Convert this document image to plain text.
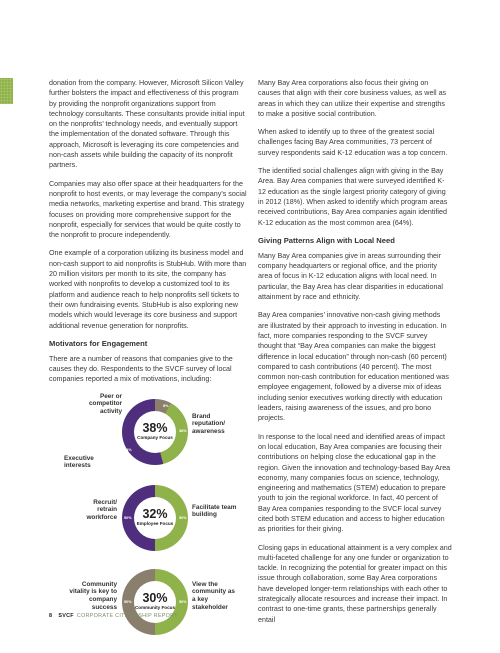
donation from the company. However, Microsoft Silicon Valley further bolsters the impact and effectiveness of this program by providing the nonprofit organizations support from technology consultants. These consultants provide initial input on the nonprofits’ technology needs, and eventually support the implementation of the donated software. Through this approach, Microsoft is leveraging its core competencies and non-cash assets while building the capacity of its nonprofit partners.

Companies may also offer space at their headquarters for the nonprofit to host events, or may leverage the company’s social media networks, marketing expertise and brand. This strategy focuses on providing more comprehensive support for the nonprofit, especially for services that would be quite costly to the nonprofit to procure independently.

One example of a corporation utilizing its business model and non-cash support to aid nonprofits is StubHub. With more than 20 million visitors per month to its site, the company has worked with nonprofits to develop a customized tool to its platform and audience reach to help nonprofits sell tickets to their own fundraising events. StubHub is also exploring new models which would leverage its core business and support additional revenue generation for nonprofits.

Motivators for Engagement

There are a number of reasons that companies give to the causes they do. Respondents to the SVCF survey of local companies reported a mix of motivations, including:

8%
38%
54%
38%
Company Focus
Peer or competitor activity
Brand reputation/ awareness
Executive interests
50%
50% 32%
Employee Focus
Recruit/ retrain workforce
Facilitate team building
50%
50% 30%
Community Focus
Community vitality is key to company success
View the community as a key stakeholder

Many Bay Area corporations also focus their giving on causes that align with their core business values, as well as areas in which they can utilize their expertise and strengths to make a positive social contribution.

When asked to identify up to three of the greatest social challenges facing Bay Area communities, 73 percent of survey respondents said K-12 education was a top concern.

The identified social challenges align with giving in the Bay Area. Bay Area companies that were surveyed identified K-12 education as the single largest priority category of giving in 2012 (18%). When asked to identify which program areas received contributions, Bay Area companies again identified K-12 education as the most common area (64%).

Giving Patterns Align with Local Need

Many Bay Area companies give in areas surrounding their company headquarters or regional office, and the priority area of focus in K-12 education aligns with local need. In particular, the Bay Area has clear disparities in educational attainment by race and ethnicity.

Bay Area companies’ innovative non-cash giving methods are illustrated by their approach to investing in education. In fact, more companies responding to the SVCF survey thought that “Bay Area companies can make the biggest difference in local education” through non-cash (60 percent) compared to cash contributions (40 percent). The most common non-cash contribution for education mentioned was employee engagement, followed by a diverse mix of ideas including senior executives working directly with education leaders, raising awareness of the issues, and pro bono projects.

In response to the local need and identified areas of impact on local education, Bay Area companies are focusing their contributions on helping close the educational gap in the region. Given the innovation and technology-based Bay Area economy, many companies focus on science, technology, engineering and mathematics (STEM) education to prepare youth to join the regional workforce. In fact, 40 percent of Bay Area companies responding to the SVCF local survey cited both STEM education and access to higher education as priorities for their giving.

Closing gaps in educational attainment is a very complex and multi-faceted challenge for any one funder or organization to tackle. In recognizing the potential for greater impact on this issue through collaboration, some Bay Area corporations have developed longer-term relationships with each other to strategically allocate resources and increase their impact. In contrast to one-time grants, these partnerships generally entail

8 SVCF CORPORATE CITIZENSHIP REPORT
